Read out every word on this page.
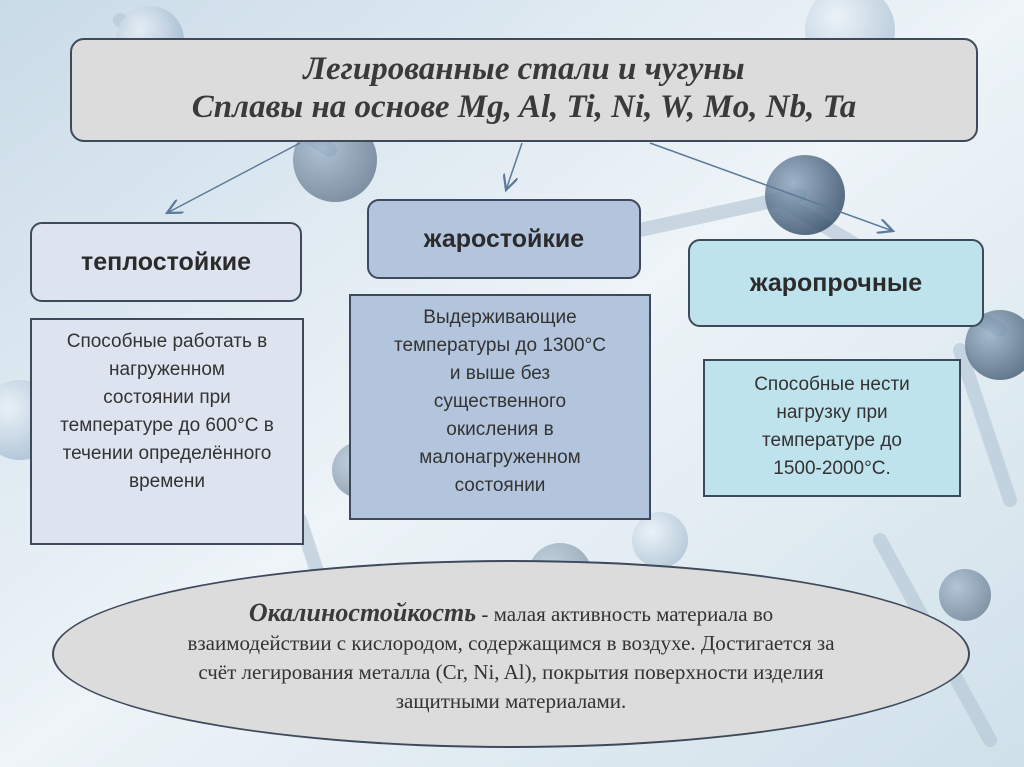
Легированные стали и чугуны
Сплавы на основе Mg, Al, Ti, Ni, W, Mo, Nb, Ta
теплостойкие
жаростойкие
жаропрочные
Способные работать в
нагруженном
состоянии при
температуре до 600°С в
течении определённого
времени
Выдерживающие
температуры до 1300°С
и выше без
существенного
окисления в
малонагруженном
состоянии
Способные нести
нагрузку при
температуре до
1500-2000°С.
Окалиностойкость - малая активность материала во
взаимодействии с кислородом, содержащимся в воздухе. Достигается за
счёт легирования металла (Cr, Ni, Al), покрытия поверхности изделия
защитными материалами.
